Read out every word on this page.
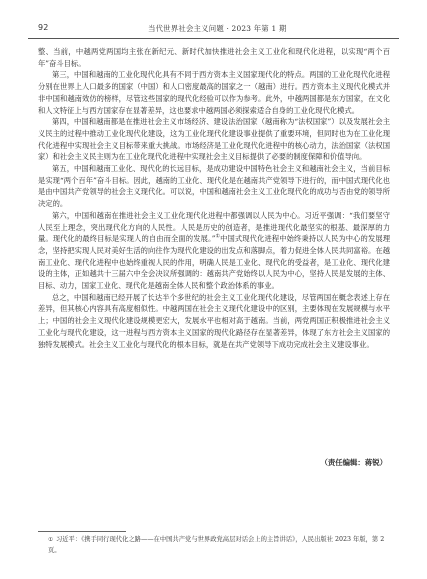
92	当代世界社会主义问题 · 2023 年第 1 期

整、当前，中越两党两国均主张在新纪元、新时代加快推进社会主义工业化和现代化进程，以实现“两个百年”奋斗目标。

第三，中国和越南的工业化现代化具有不同于西方资本主义国家现代化的特点。两国的工业化现代化进程分别在世界上人口最多的国家（中国）和人口密度最高的国家之一（越南）进行。西方资本主义现代化模式并非中国和越南效仿的榜样，尽管这些国家的现代化经验可以作为参考。此外，中越两国都是东方国家，在文化和人文特征上与西方国家存在显著差异，这也要求中越两国必须探索适合自身的工业化现代化模式。

第四，中国和越南都是在推进社会主义市场经济、建设法治国家（越南称为“法权国家”）以及发展社会主义民主的过程中推动工业化现代化建设，这为工业化现代化建设事业提供了重要环境，但同时也为在工业化现代化进程中实现社会主义目标带来重大挑战。市场经济是工业化现代化进程中的核心动力，法治国家（法权国家）和社会主义民主则为在工业化现代化进程中实现社会主义目标提供了必要的制度保障和价值导向。

第五，中国和越南工业化、现代化的长远目标，是成功建设中国特色社会主义和越南社会主义，当前目标是实现“两个百年”奋斗目标。因此，越南的工业化、现代化是在越南共产党领导下进行的，而中国式现代化也是由中国共产党领导的社会主义现代化。可以说，中国和越南社会主义工业化现代化的成功与否由党的领导所决定的。

第六，中国和越南在推进社会主义工业化现代化进程中都强调以人民为中心。习近平强调：“我们要坚守人民至上理念，突出现代化方向的人民性。人民是历史的创造者，是推进现代化最坚实的根基、最深厚的力量。现代化的最终目标是实现人的自由而全面的发展。”①中国式现代化进程中始终秉持以人民为中心的发展理念，坚持把实现人民对美好生活的向往作为现代化建设的出发点和落脚点，着力促进全体人民共同富裕。在越南工业化、现代化进程中也始终重视人民的作用，明确人民是工业化、现代化的受益者，是工业化、现代化建设的主体，正如越共十三届六中全会决议所强调的：越南共产党始终以人民为中心，坚持人民是发展的主体、目标、动力，国家工业化、现代化是越南全体人民和整个政治体系的事业。

总之，中国和越南已经开展了长达半个多世纪的社会主义工业化现代化建设，尽管两国在概念表述上存在差异，但其核心内容具有高度相似性。中越两国在社会主义现代化建设中的区别，主要体现在发展规模与水平上；中国的社会主义现代化建设规模更宏大，发展水平也相对高于越南。当前，两党两国正积极推进社会主义工业化与现代化建设，这一进程与西方资本主义国家的现代化路径存在显著差异，体现了东方社会主义国家的独特发展模式。社会主义工业化与现代化的根本目标，就是在共产党领导下成功完成社会主义建设事业。

（责任编辑：蒋锐）
① 习近平：《携手同行现代化之路——在中国共产党与世界政党高层对话会上的主旨讲话》，人民出版社 2023 年版，第 2 页。
